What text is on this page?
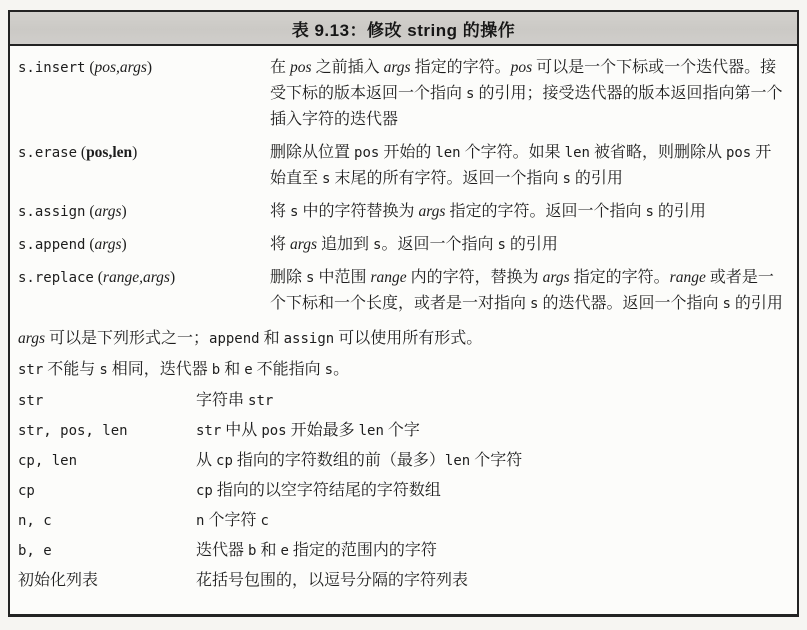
表 9.13：修改 string 的操作
s.insert (pos,args)	在 pos 之前插入 args 指定的字符。pos 可以是一个下标或一个迭代器。接受下标的版本返回一个指向 s 的引用；接受迭代器的版本返回指向第一个插入字符的迭代器
s.erase (pos,len)	删除从位置 pos 开始的 len 个字符。如果 len 被省略，则删除从 pos 开始直至 s 末尾的所有字符。返回一个指向 s 的引用
s.assign (args)	将 s 中的字符替换为 args 指定的字符。返回一个指向 s 的引用
s.append (args)	将 args 追加到 s。返回一个指向 s 的引用
s.replace (range,args)	删除 s 中范围 range 内的字符，替换为 args 指定的字符。range 或者是一个下标和一个长度，或者是一对指向 s 的迭代器。返回一个指向 s 的引用
args 可以是下列形式之一；append 和 assign 可以使用所有形式。
str 不能与 s 相同，迭代器 b 和 e 不能指向 s。
str	字符串 str
str, pos, len	str 中从 pos 开始最多 len 个字
cp, len	从 cp 指向的字符数组的前（最多）len 个字符
cp	cp 指向的以空字符结尾的字符数组
n, c	n 个字符 c
b, e	迭代器 b 和 e 指定的范围内的字符
初始化列表	花括号包围的，以逗号分隔的字符列表
